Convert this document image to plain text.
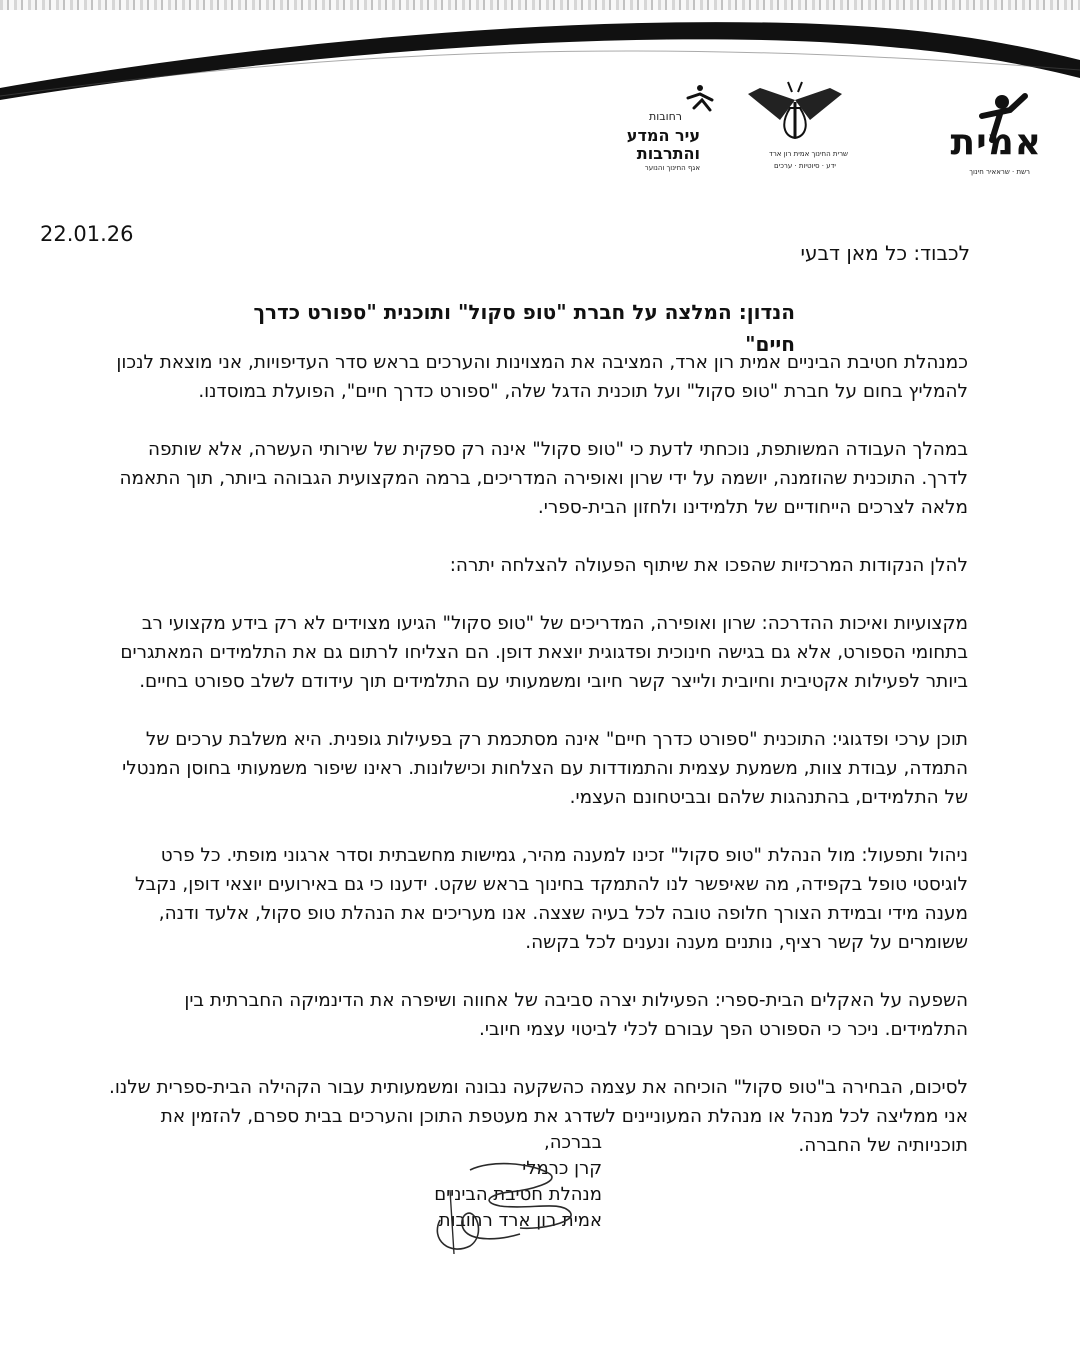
אמית
רשת · שראאיר חינוך
שרית החינוך אמית רון ארד
ידע · סיוטיות · ערכים
רחובות
עיר המדע
והתרבות
אגף החינוך והנוער
22.01.26
לכבוד: כל מאן דבעי
הנדון: המלצה על חברת "טופ סקול" ותוכנית "ספורט כדרך חיים"

כמנהלת חטיבת הביניים אמית רון ארד, המציבה את המצוינות והערכים בראש סדר העדיפויות, אני מוצאת לנכון להמליץ בחום על חברת "טופ סקול" ועל תוכנית הדגל שלה, "ספורט כדרך חיים", הפועלת במוסדנו.

במהלך העבודה המשותפת, נוכחתי לדעת כי "טופ סקול" אינה רק ספקית של שירותי העשרה, אלא שותפה לדרך. התוכנית שהוזמנה, יושמה על ידי שרון ואופירה המדריכים, ברמה המקצועית הגבוהה ביותר, תוך התאמה מלאה לצרכים הייחודיים של תלמידינו ולחזון הבית-ספרי.

להלן הנקודות המרכזיות שהפכו את שיתוף הפעולה להצלחה יתרה:

מקצועיות ואיכות ההדרכה: שרון ואופירה, המדריכים של "טופ סקול" הגיעו מצוידים לא רק בידע מקצועי רב בתחומי הספורט, אלא גם בגישה חינוכית ופדגוגית יוצאת דופן. הם הצליחו לרתום גם את התלמידים המאתגרים ביותר לפעילות אקטיבית וחיובית ולייצר קשר חיובי ומשמעותי עם התלמידים תוך עידודם לשלב ספורט בחיים.

תוכן ערכי ופדגוגי: התוכנית "ספורט כדרך חיים" אינה מסתכמת רק בפעילות גופנית. היא משלבת ערכים של התמדה, עבודת צוות, משמעת עצמית והתמודדות עם הצלחות וכישלונות. ראינו שיפור משמעותי בחוסן המנטלי של התלמידים, בהתנהגות שלהם ובביטחונם העצמי.

ניהול ותפעול: מול הנהלת "טופ סקול" זכינו למענה מהיר, גמישות מחשבתית וסדר ארגוני מופתי. כל פרט לוגיסטי טופל בקפידה, מה שאיפשר לנו להתמקד בחינוך בראש שקט. ידענו כי גם באירועים יוצאי דופן, נקבל מענה מידי ובמידת הצורך חלופה טובה לכל בעיה שצצה. אנו מעריכים את הנהלת טופ סקול, אלעד ודנה, ששומרים על קשר רציף, נותנים מענה ונענים לכל בקשה.

השפעה על האקלים הבית-ספרי: הפעילות יצרה סביבה של אחווה ושיפרה את הדינמיקה החברתית בין התלמידים. ניכר כי הספורט הפך עבורם לכלי לביטוי עצמי חיובי.

לסיכום, הבחירה ב"טופ סקול" הוכיחה את עצמה כהשקעה נבונה ומשמעותית עבור הקהילה הבית-ספרית שלנו. אני ממליצה לכל מנהל או מנהלת המעוניינים לשדרג את מעטפת התוכן והערכים בבית ספרם, להזמין את תוכניותיה של החברה.

בברכה,
קרן כרמלי
מנהלת חטיבת הביניים
אמית רון ארד רחובות
